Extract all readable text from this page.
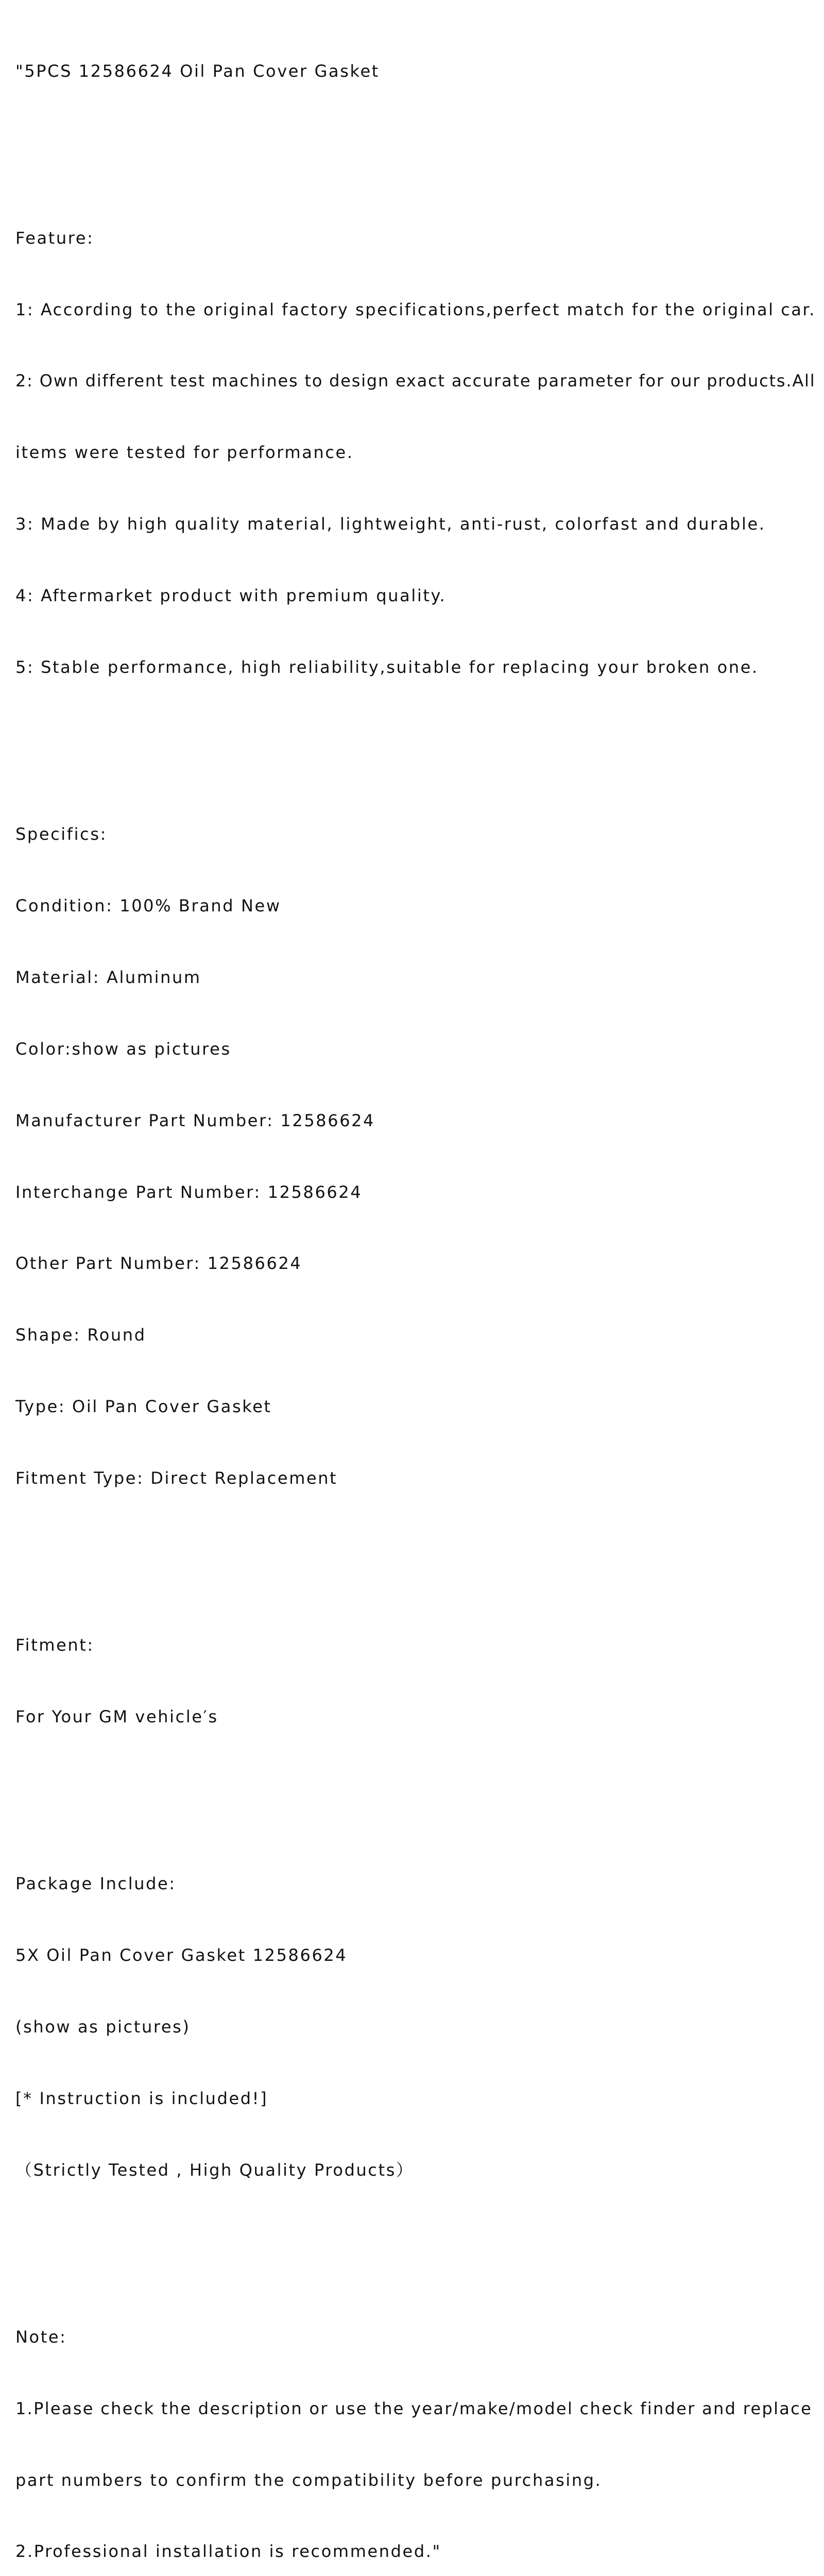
"5PCS 12586624 Oil Pan Cover Gasket

Feature:

1: According to the original factory specifications,perfect match for the original car.

2: Own different test machines to design exact accurate parameter for our products.All

items were tested for performance.

3: Made by high quality material, lightweight, anti-rust, colorfast and durable.

4: Aftermarket product with premium quality.

5: Stable performance, high reliability,suitable for replacing your broken one.

Specifics:

Condition: 100% Brand New

Material: Aluminum

Color:show as pictures

Manufacturer Part Number: 12586624

Interchange Part Number: 12586624

Other Part Number: 12586624

Shape: Round

Type: Oil Pan Cover Gasket

Fitment Type: Direct Replacement

Fitment:

For Your GM vehicle′s

Package Include:

5X Oil Pan Cover Gasket 12586624

(show as pictures)

[* Instruction is included!]

（Strictly Tested , High Quality Products）

Note:

1.Please check the description or use the year/make/model check finder and replace

part numbers to confirm the compatibility before purchasing.

2.Professional installation is recommended."
